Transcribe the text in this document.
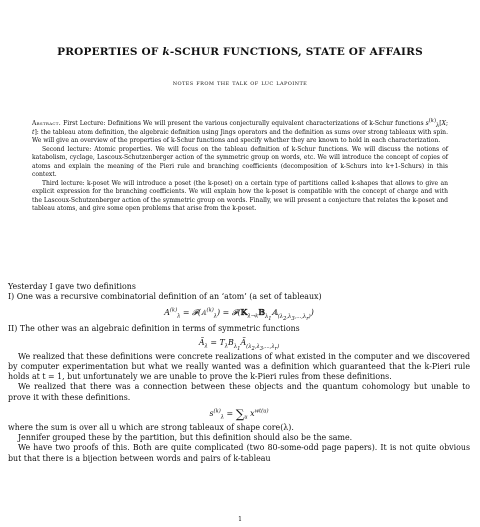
PROPERTIES OF k-SCHUR FUNCTIONS, STATE OF AFFAIRS
notes from the talk of luc lapointe

Abstract. First Lecture: Definitions We will present the various conjecturally equivalent characterizations of k-Schur functions $s^{(k)}_\lambda[X$; t]: the tableau atom definition, the algebraic definition using Jings operators and the definition as sums over strong tableaux with spin. We will give an overview of the properties of k-Schur functions and specify whether they are known to hold in each characterization.

Second lecture: Atomic properties. We will focus on the tableau definition of k-Schur functions. We will discuss the notions of katabolism, cyclage, Lascoux-Schutzenberger action of the symmetric group on words, etc. We will introduce the concept of copies of atoms and explain the meaning of the Pieri rule and branching coefficients (decomposition of k-Schurs into k+1-Schurs) in this context.

Third lecture: k-poset We will introduce a poset (the k-poset) on a certain type of partitions called k-shapes that allows to give an explicit expression for the branching coefficients. We will explain how the k-poset is compatible with the concept of charge and with the Lascoux-Schutzenberger action of the symmetric group on words. Finally, we will present a conjecture that relates the k-poset and tableau atoms, and give some open problems that arise from the k-poset.

Yesterday I gave two definitions

I) One was a recursive combinatorial definition of an ‘atom’ (a set of tableaux)

$A^{(k)}_\lambda$ = 𝓕(𝔸$^{(k)}_\lambda$) = 𝓕(𝕂$_{\lambda\to k}$𝔹$_{\lambda_1}$𝔸$_{(\lambda_2,\lambda_3,...,\lambda_r)}$)

II) The other was an algebraic definition in terms of symmetric functions

$Ã_\lambda$ = $T_\lambda B_{\lambda_1}Ã_{(\lambda_2,\lambda_3,...,\lambda_r)}$

We realized that these definitions were concrete realizations of what existed in the computer and we discovered by computer experimentation but what we really wanted was a definition which guaranteed that the k-Pieri rule holds at t = 1, but unfortunately we are unable to prove the k-Pieri rules from these definitions.

We realized that there was a connection between these objects and the quantum cohomology but unable to prove it with these definitions.

$s^{(k)}_\lambda = \sum_u$ $x^{wt(u)}$

where the sum is over all u which are strong tableaux of shape core(λ).

Jennifer grouped these by the partition, but this definition should also be the same.

We have two proofs of this. Both are quite complicated (two 80-some-odd page papers). It is not quite obvious but that there is a bijection between words and pairs of k-tableau

1
